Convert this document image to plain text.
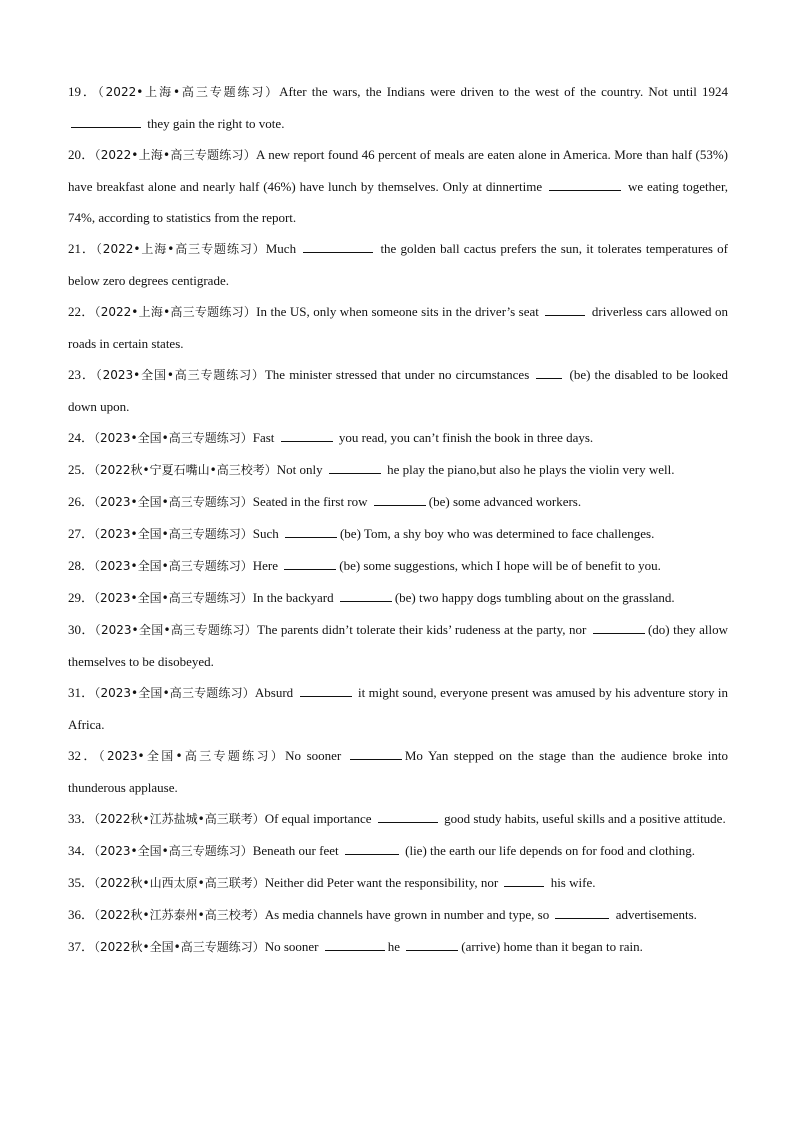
19．（2022•上海•高三专题练习）After the wars, the Indians were driven to the west of the country. Not until 1924  they gain the right to vote.

20．（2022•上海•高三专题练习）A new report found 46 percent of meals are eaten alone in America. More than half (53%) have breakfast alone and nearly half (46%) have lunch by themselves. Only at dinnertime	we eating together, 74%, according to statistics from the report.

21．（2022•上海•高三专题练习）Much	the golden ball cactus prefers the sun, it tolerates temperatures of below zero degrees centigrade.

22．（2022•上海•高三专题练习）In the US, only when someone sits in the driver’s seat	driverless cars allowed on roads in certain states.

23．（2023•全国•高三专题练习）The minister stressed that under no circumstances  (be) the disabled to be looked down upon.

24．（2023•全国•高三专题练习）Fast	you read, you can’t finish the book in three days.

25．（2022秋•宁夏石嘴山•高三校考）Not only	he play the piano,but also he plays the violin very well.

26．（2023•全国•高三专题练习）Seated in the first row	(be) some advanced workers.

27．（2023•全国•高三专题练习）Such	(be) Tom, a shy boy who was determined to face challenges.

28．（2023•全国•高三专题练习）Here	(be) some suggestions, which I hope will be of benefit to you.

29．（2023•全国•高三专题练习）In the backyard	(be) two happy dogs tumbling about on the grassland.

30．（2023•全国•高三专题练习）The parents didn’t tolerate their kids’ rudeness at the party, nor	(do) they allow themselves to be disobeyed.

31．（2023•全国•高三专题练习）Absurd	it might sound, everyone present was amused by his adventure story in Africa.

32．（2023•全国•高三专题练习）No sooner	Mo Yan stepped on the stage than the audience broke into thunderous applause.

33．（2022秋•江苏盐城•高三联考）Of equal importance	good study habits, useful skills and a positive attitude.

34．（2023•全国•高三专题练习）Beneath our feet	(lie) the earth our life depends on for food and clothing.

35．（2022秋•山西太原•高三联考）Neither did Peter want the responsibility, nor	his wife.

36．（2022秋•江苏泰州•高三校考）As media channels have grown in number and type, so	advertisements.

37．（2022秋•全国•高三专题练习）No sooner	he	(arrive) home than it began to rain.
